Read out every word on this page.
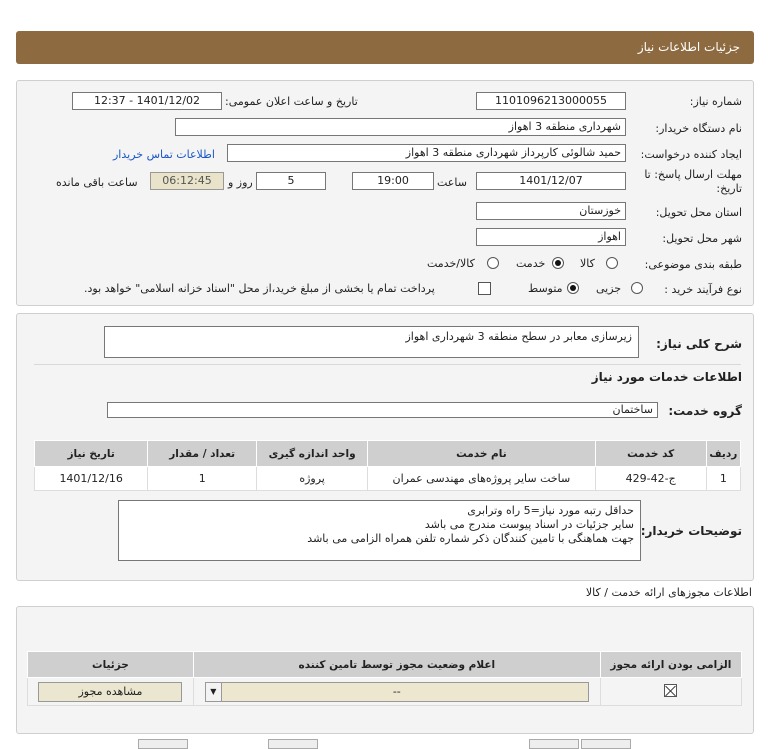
جزئیات اطلاعات نیاز
شماره نیاز:
1101096213000055
تاریخ و ساعت اعلان عمومی:
1401/12/02 - 12:37
نام دستگاه خریدار:
شهرداری منطقه 3 اهواز
ایجاد کننده درخواست:
حمید شالوئی کارپرداز شهرداری منطقه 3 اهواز
اطلاعات تماس خریدار
مهلت ارسال پاسخ: تا تاریخ:
1401/12/07
ساعت
19:00
5
روز و
06:12:45
ساعت باقی مانده
استان محل تحویل:
خوزستان
شهر محل تحویل:
اهواز
طبقه بندی موضوعی:
کالا
خدمت
کالا/خدمت
نوع فرآیند خرید :
جزیی
متوسط
پرداخت تمام یا بخشی از مبلغ خرید،از محل "اسناد خزانه اسلامی" خواهد بود.
شرح کلی نیاز:
زیرسازی معابر در سطح منطقه 3 شهرداری اهواز
اطلاعات خدمات مورد نیاز
گروه خدمت:
ساختمان
ردیف	کد خدمت	نام خدمت	واحد اندازه گیری	تعداد / مقدار	تاریخ نیاز
1	ج-42-429	ساخت سایر پروژه‌های مهندسی عمران	پروژه	1	1401/12/16
توضیحات خریدار:
حداقل رتبه مورد نیاز=5 راه وترابری
سایر جزئیات در اسناد پیوست مندرج می باشد
جهت هماهنگی با تامین کنندگان ذکر شماره تلفن همراه الزامی می باشد
اطلاعات مجوزهای ارائه خدمت / کالا
الزامی بودن ارائه مجوز	اعلام وضعیت مجوز توسط تامین کننده	جزئیات

	▼ --	مشاهده مجوز
